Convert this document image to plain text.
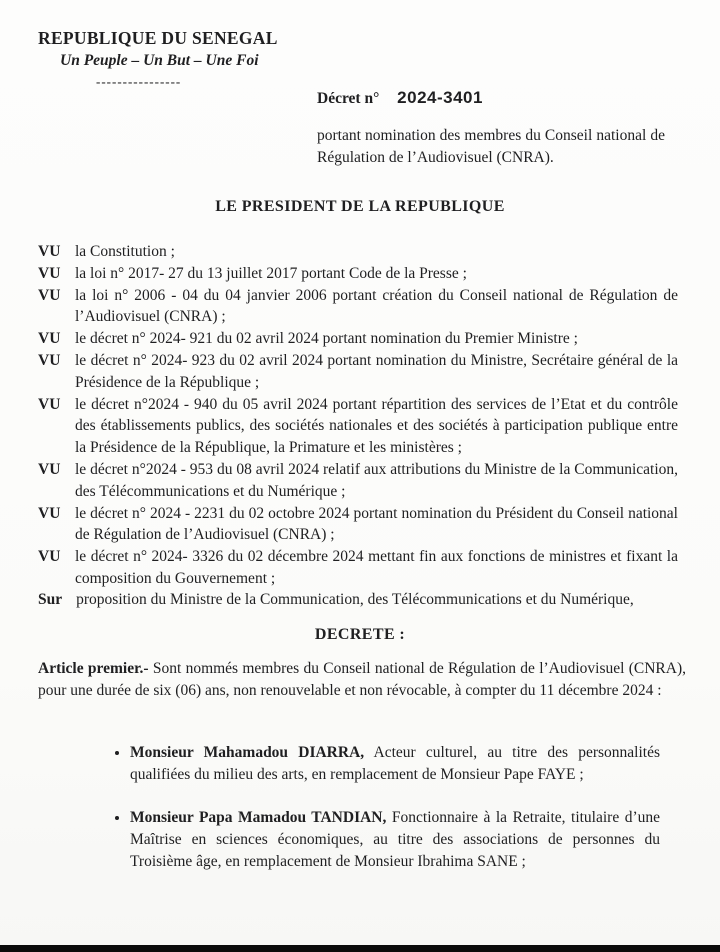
REPUBLIQUE DU SENEGAL
Un Peuple – Un But – Une Foi
----------------
Décret n° 2024-3401
portant nomination des membres du Conseil national de Régulation de l’Audiovisuel (CNRA).
LE PRESIDENT DE LA REPUBLIQUE
VU la Constitution ;
VU la loi n° 2017- 27 du 13 juillet 2017 portant Code de la Presse ;
VU la loi n° 2006 - 04 du 04 janvier 2006 portant création du Conseil national de Régulation de l’Audiovisuel (CNRA) ;
VU le décret n° 2024- 921 du 02 avril 2024 portant nomination du Premier Ministre ;
VU le décret n° 2024- 923 du 02 avril 2024 portant nomination du Ministre, Secrétaire général de la Présidence de la République ;
VU le décret n°2024 - 940 du 05 avril 2024 portant répartition des services de l’Etat et du contrôle des établissements publics, des sociétés nationales et des sociétés à participation publique entre la Présidence de la République, la Primature et les ministères ;
VU le décret n°2024 - 953 du 08 avril 2024 relatif aux attributions du Ministre de la Communication, des Télécommunications et du Numérique ;
VU le décret n° 2024 - 2231 du 02 octobre 2024 portant nomination du Président du Conseil national de Régulation de l’Audiovisuel (CNRA) ;
VU le décret n° 2024- 3326 du 02 décembre 2024 mettant fin aux fonctions de ministres et fixant la composition du Gouvernement ;
Sur proposition du Ministre de la Communication, des Télécommunications et du Numérique,
DECRETE :
Article premier.- Sont nommés membres du Conseil national de Régulation de l’Audiovisuel (CNRA), pour une durée de six (06) ans, non renouvelable et non révocable, à compter du 11 décembre 2024 :
• Monsieur Mahamadou DIARRA, Acteur culturel, au titre des personnalités qualifiées du milieu des arts, en remplacement de Monsieur Pape FAYE ;
• Monsieur Papa Mamadou TANDIAN, Fonctionnaire à la Retraite, titulaire d’une Maîtrise en sciences économiques, au titre des associations de personnes du Troisième âge, en remplacement de Monsieur Ibrahima SANE ;
